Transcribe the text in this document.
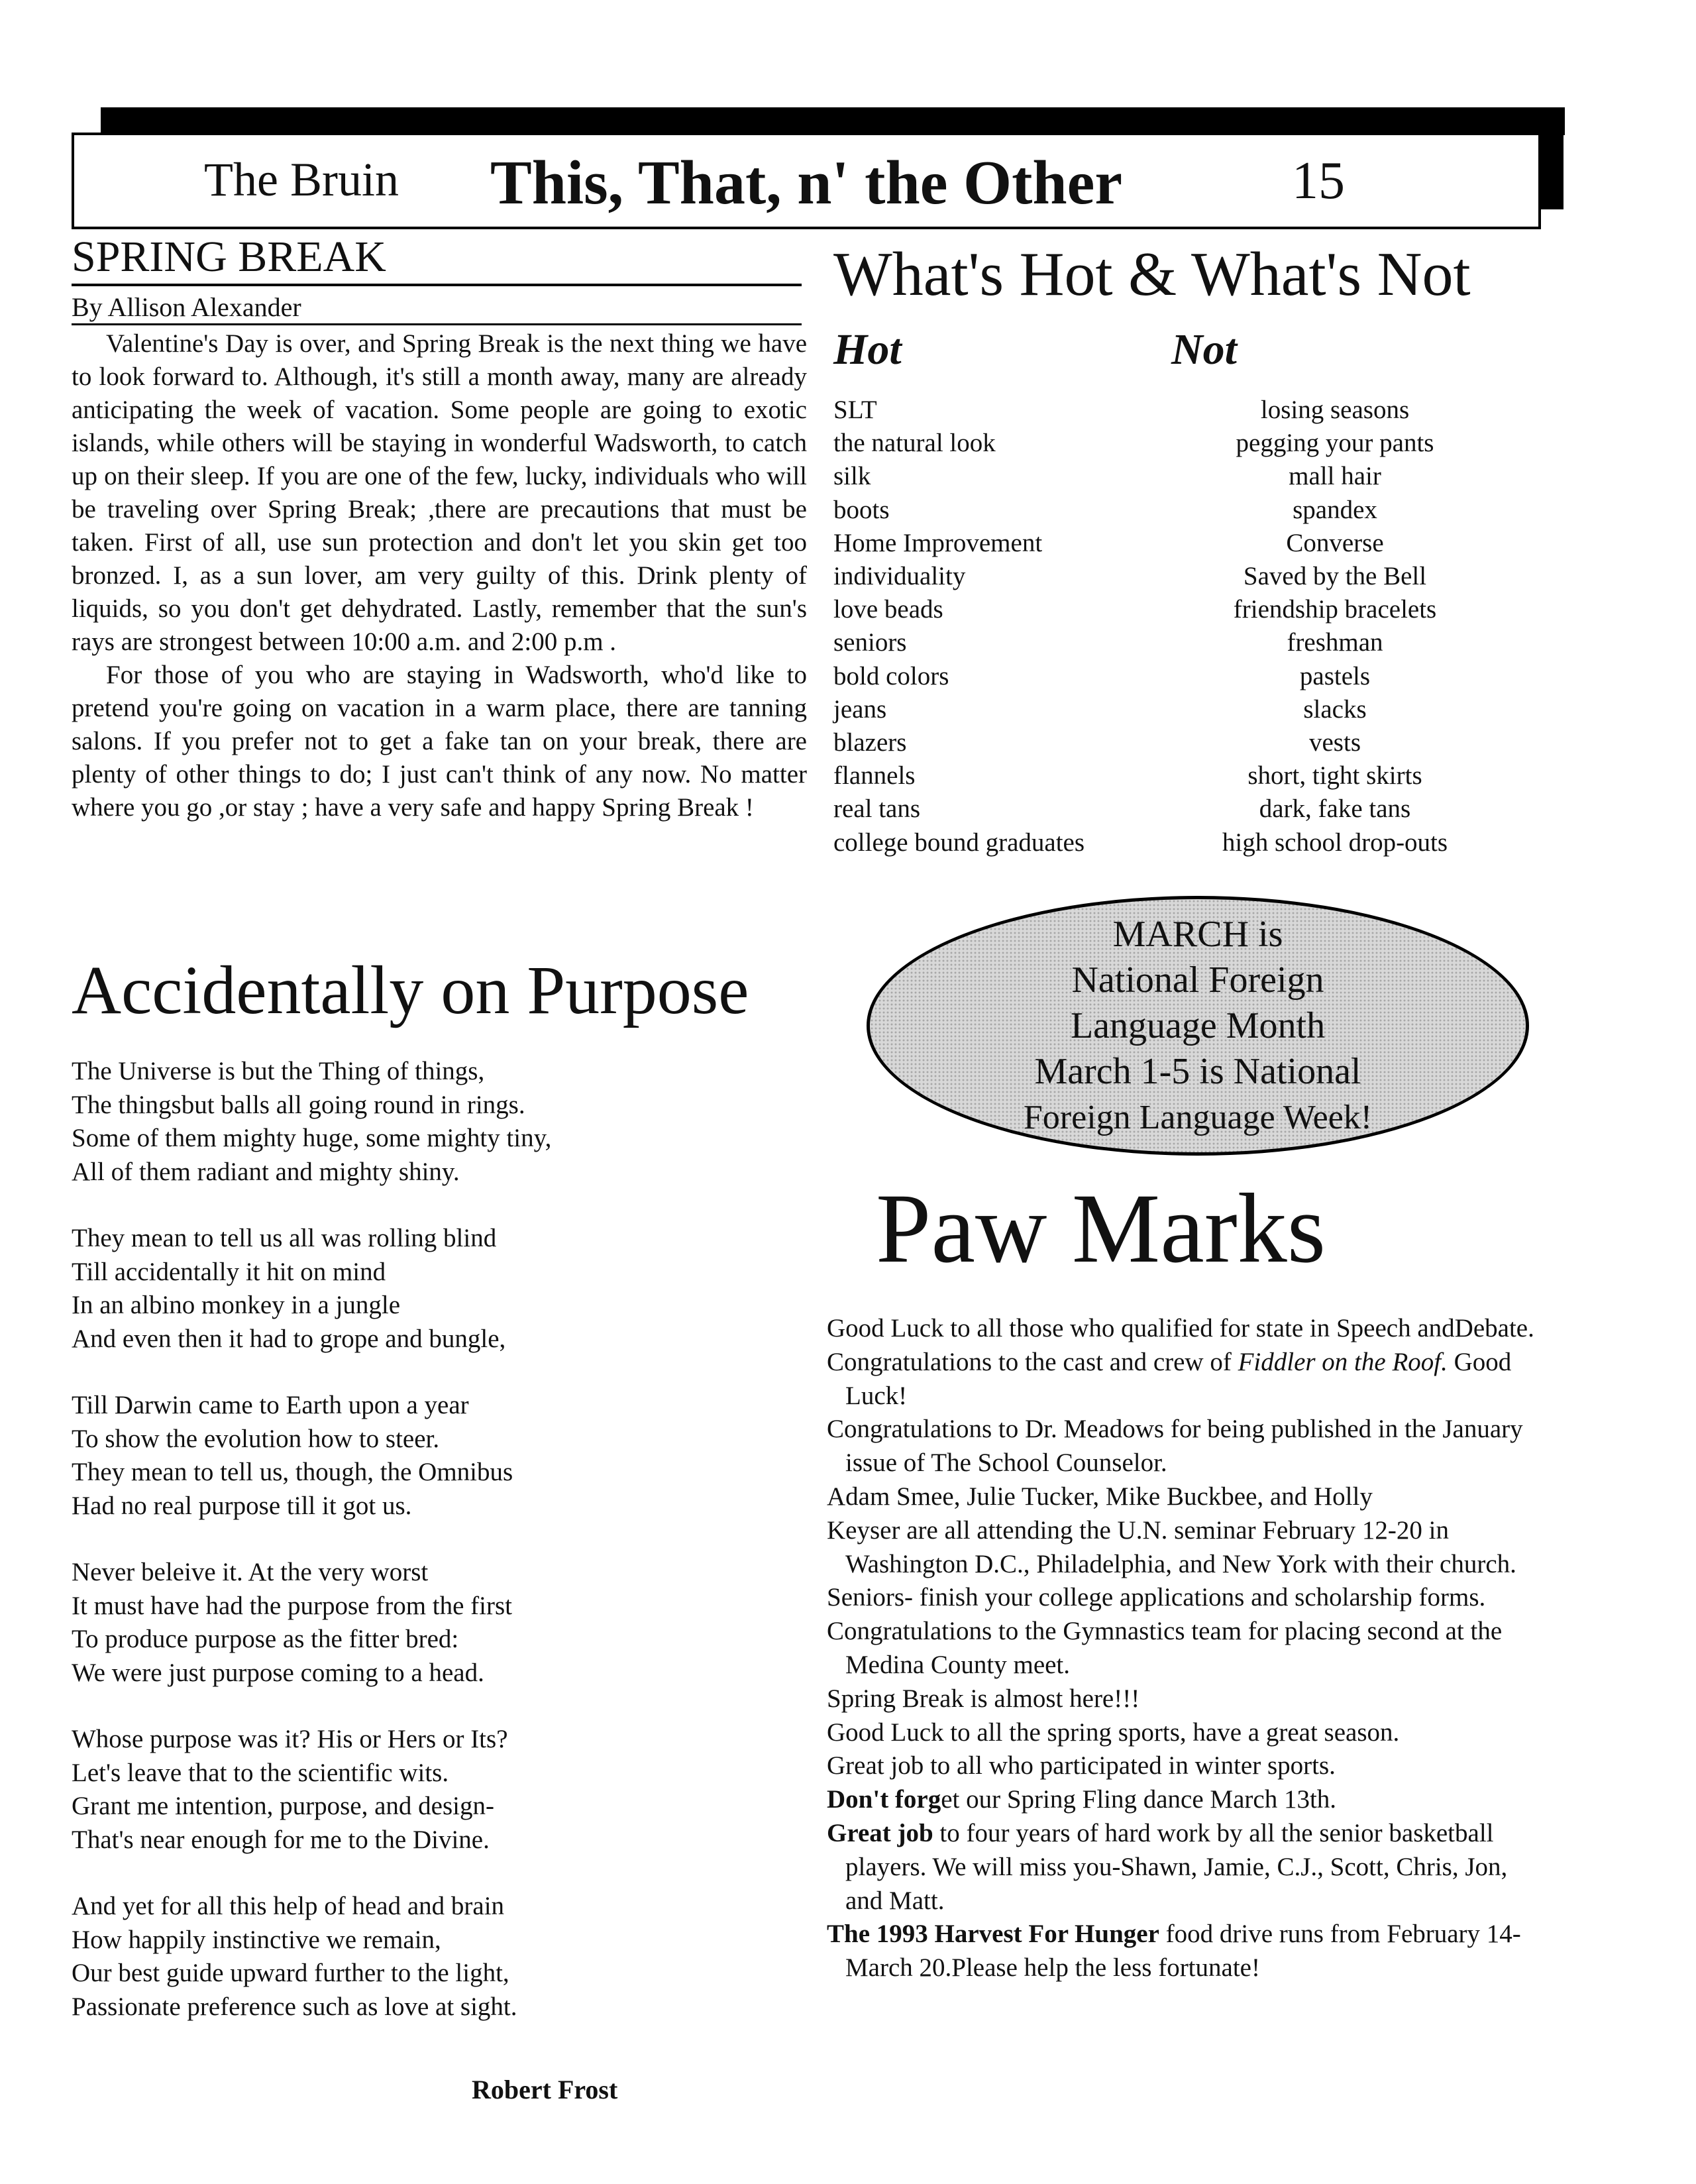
The Bruin This, That, n' the Other	15
SPRING BREAK
By Allison Alexander

Valentine's Day is over, and Spring Break is the next thing we have to look forward to. Although, it's still a month away, many are already anticipating the week of vacation. Some people are going to exotic islands, while others will be staying in wonderful Wadsworth, to catch up on their sleep. If you are one of the few, lucky, individuals who will be traveling over Spring Break; ,there are precautions that must be taken. First of all, use sun protection and don't let you skin get too bronzed. I, as a sun lover, am very guilty of this. Drink plenty of liquids, so you don't get dehydrated. Lastly, remember that the sun's rays are strongest between 10:00 a.m. and 2:00 p.m .

For those of you who are staying in Wadsworth, who'd like to pretend you're going on vacation in a warm place, there are tanning salons. If you prefer not to get a fake tan on your break, there are plenty of other things to do; I just can't think of any now. No matter where you go ,or stay ; have a very safe and happy Spring Break !

Accidentally on Purpose
The Universe is but the Thing of things,
The thingsbut balls all going round in rings.
Some of them mighty huge, some mighty tiny,
All of them radiant and mighty shiny.
They mean to tell us all was rolling blind
Till accidentally it hit on mind
In an albino monkey in a jungle
And even then it had to grope and bungle,
Till Darwin came to Earth upon a year
To show the evolution how to steer.
They mean to tell us, though, the Omnibus
Had no real purpose till it got us.
Never beleive it. At the very worst
It must have had the purpose from the first
To produce purpose as the fitter bred:
We were just purpose coming to a head.
Whose purpose was it? His or Hers or Its?
Let's leave that to the scientific wits.
Grant me intention, purpose, and design-
That's near enough for me to the Divine.
And yet for all this help of head and brain
How happily instinctive we remain,
Our best guide upward further to the light,
Passionate preference such as love at sight.
Robert Frost
What's Hot & What's Not
Hot	Not
SLT
the natural look
silk
boots
Home Improvement
individuality
love beads
seniors
bold colors
jeans
blazers
flannels
real tans
college bound graduates
losing seasons
pegging your pants
mall hair
spandex
Converse
Saved by the Bell
friendship bracelets
freshman
pastels
slacks
vests
short, tight skirts
dark, fake tans
high school drop-outs
MARCH is
National Foreign
Language Month
March 1-5 is National
Foreign Language Week!
Paw Marks
Good Luck to all those who qualified for state in Speech andDebate.
Congratulations to the cast and crew of Fiddler on the Roof. Good Luck!
Congratulations to Dr. Meadows for being published in the January issue of The School Counselor.
Adam Smee, Julie Tucker, Mike Buckbee, and Holly
Keyser are all attending the U.N. seminar February 12-20 in Washington D.C., Philadelphia, and New York with their church.
Seniors- finish your college applications and scholarship forms.
Congratulations to the Gymnastics team for placing second at the Medina County meet.
Spring Break is almost here!!!
Good Luck to all the spring sports, have a great season.
Great job to all who participated in winter sports.
Don't forget our Spring Fling dance March 13th.
Great job to four years of hard work by all the senior basketball players. We will miss you-Shawn, Jamie, C.J., Scott, Chris, Jon, and Matt.
The 1993 Harvest For Hunger food drive runs from February 14- March 20.Please help the less fortunate!
